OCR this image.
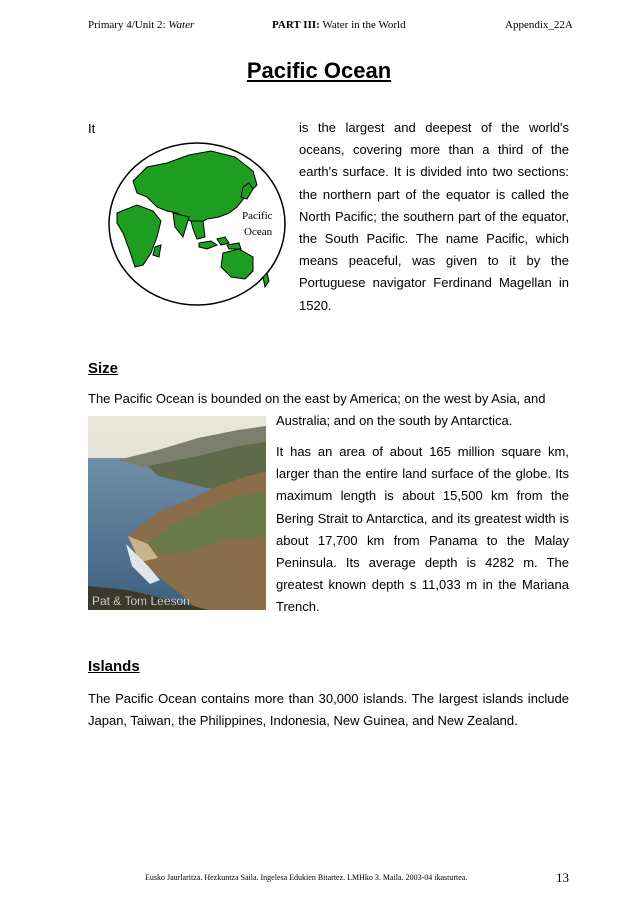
Primary 4/Unit 2: Water	PART III: Water in the World	Appendix_22A
Pacific Ocean
It
Pacific
Ocean
is the largest and deepest of the world's oceans, covering more than a third of the earth's surface. It is divided into two sections: the northern part of the equator is called the North Pacific; the southern part of the equator, the South Pacific. The name Pacific, which means peaceful, was given to it by the Portuguese navigator Ferdinand Magellan in 1520.
Size
The Pacific Ocean is bounded on the east by America; on the west by Asia, and
Pat & Tom Leeson
Australia; and on the south by Antarctica.
It has an area of about 165 million square km, larger than the entire land surface of the globe. Its maximum length is about 15,500 km from the Bering Strait to Antarctica, and its greatest width is about 17,700 km from Panama to the Malay Peninsula. Its average depth is 4282 m. The greatest known depth s 11,033 m in the Mariana Trench.
Islands
The Pacific Ocean contains more than 30,000 islands. The largest islands include Japan, Taiwan, the Philippines, Indonesia, New Guinea, and New Zealand.
Eusko Jaurlaritza. Hezkuntza Saila. Ingelesa Edukien Bitartez. LMHko 3. Maila. 2003-04 ikasturtea.	13
